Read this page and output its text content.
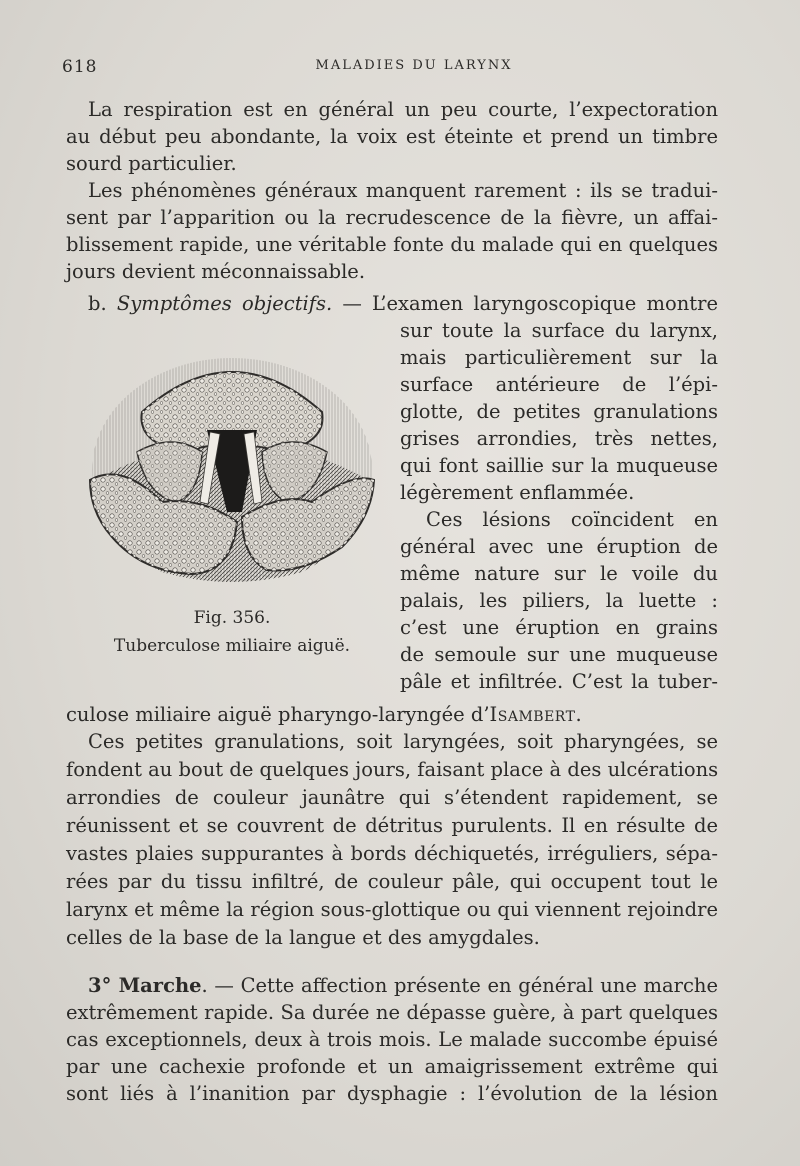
618	MALADIES DU LARYNX
La respiration est en général un peu courte, l’expectoration
au début peu abondante, la voix est éteinte et prend un timbre
sourd particulier.
Les phénomènes généraux manquent rarement : ils se tradui-
sent par l’apparition ou la recrudescence de la fièvre, un affai-
blissement rapide, une véritable fonte du malade qui en quelques
jours devient méconnaissable.
b. Symptômes objectifs. — L’examen laryngoscopique montre
sur toute la surface du larynx,
mais particulièrement sur la
surface antérieure de l’épi-
glotte, de petites granulations
grises arrondies, très nettes,
qui font saillie sur la muqueuse
légèrement enflammée.
Ces lésions coïncident en
général avec une éruption de
même nature sur le voile du
palais, les piliers, la luette :
c’est une éruption en grains
de semoule sur une muqueuse
pâle et infiltrée. C’est la tuber-
Fig. 356.
Tuberculose miliaire aiguë.
culose miliaire aiguë pharyngo-laryngée d’Isambert.
Ces petites granulations, soit laryngées, soit pharyngées, se
fondent au bout de quelques jours, faisant place à des ulcérations
arrondies de couleur jaunâtre qui s’étendent rapidement, se
réunissent et se couvrent de détritus purulents. Il en résulte de
vastes plaies suppurantes à bords déchiquetés, irréguliers, sépa-
rées par du tissu infiltré, de couleur pâle, qui occupent tout le
larynx et même la région sous-glottique ou qui viennent rejoindre
celles de la base de la langue et des amygdales.
3° Marche. — Cette affection présente en général une marche
extrêmement rapide. Sa durée ne dépasse guère, à part quelques
cas exceptionnels, deux à trois mois. Le malade succombe épuisé
par une cachexie profonde et un amaigrissement extrême qui
sont liés à l’inanition par dysphagie : l’évolution de la lésion
